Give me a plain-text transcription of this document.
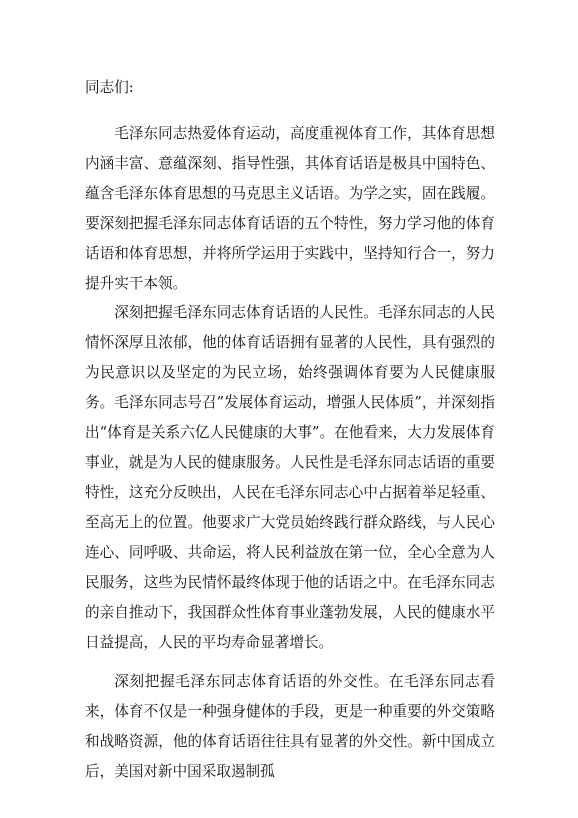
同志们:

毛泽东同志热爱体育运动，高度重视体育工作，其体育思想内涵丰富、意蕴深刻、指导性强，其体育话语是极具中国特色、蕴含毛泽东体育思想的马克思主义话语。为学之实，固在践履。要深刻把握毛泽东同志体育话语的五个特性，努力学习他的体育话语和体育思想，并将所学运用于实践中，坚持知行合一，努力提升实干本领。

深刻把握毛泽东同志体育话语的人民性。毛泽东同志的人民情怀深厚且浓郁，他的体育话语拥有显著的人民性，具有强烈的为民意识以及坚定的为民立场，始终强调体育要为人民健康服务。毛泽东同志号召”发展体育运动，增强人民体质”，并深刻指出“体育是关系六亿人民健康的大事”。在他看来，大力发展体育事业，就是为人民的健康服务。人民性是毛泽东同志话语的重要特性，这充分反映出，人民在毛泽东同志心中占据着举足轻重、至高无上的位置。他要求广大党员始终践行群众路线，与人民心连心、同呼吸、共命运，将人民利益放在第一位，全心全意为人民服务，这些为民情怀最终体现于他的话语之中。在毛泽东同志的亲自推动下，我国群众性体育事业蓬勃发展，人民的健康水平日益提高，人民的平均寿命显著增长。

深刻把握毛泽东同志体育话语的外交性。在毛泽东同志看来，体育不仅是一种强身健体的手段，更是一种重要的外交策略和战略资源，他的体育话语往往具有显著的外交性。新中国成立后，美国对新中国采取遏制孤
